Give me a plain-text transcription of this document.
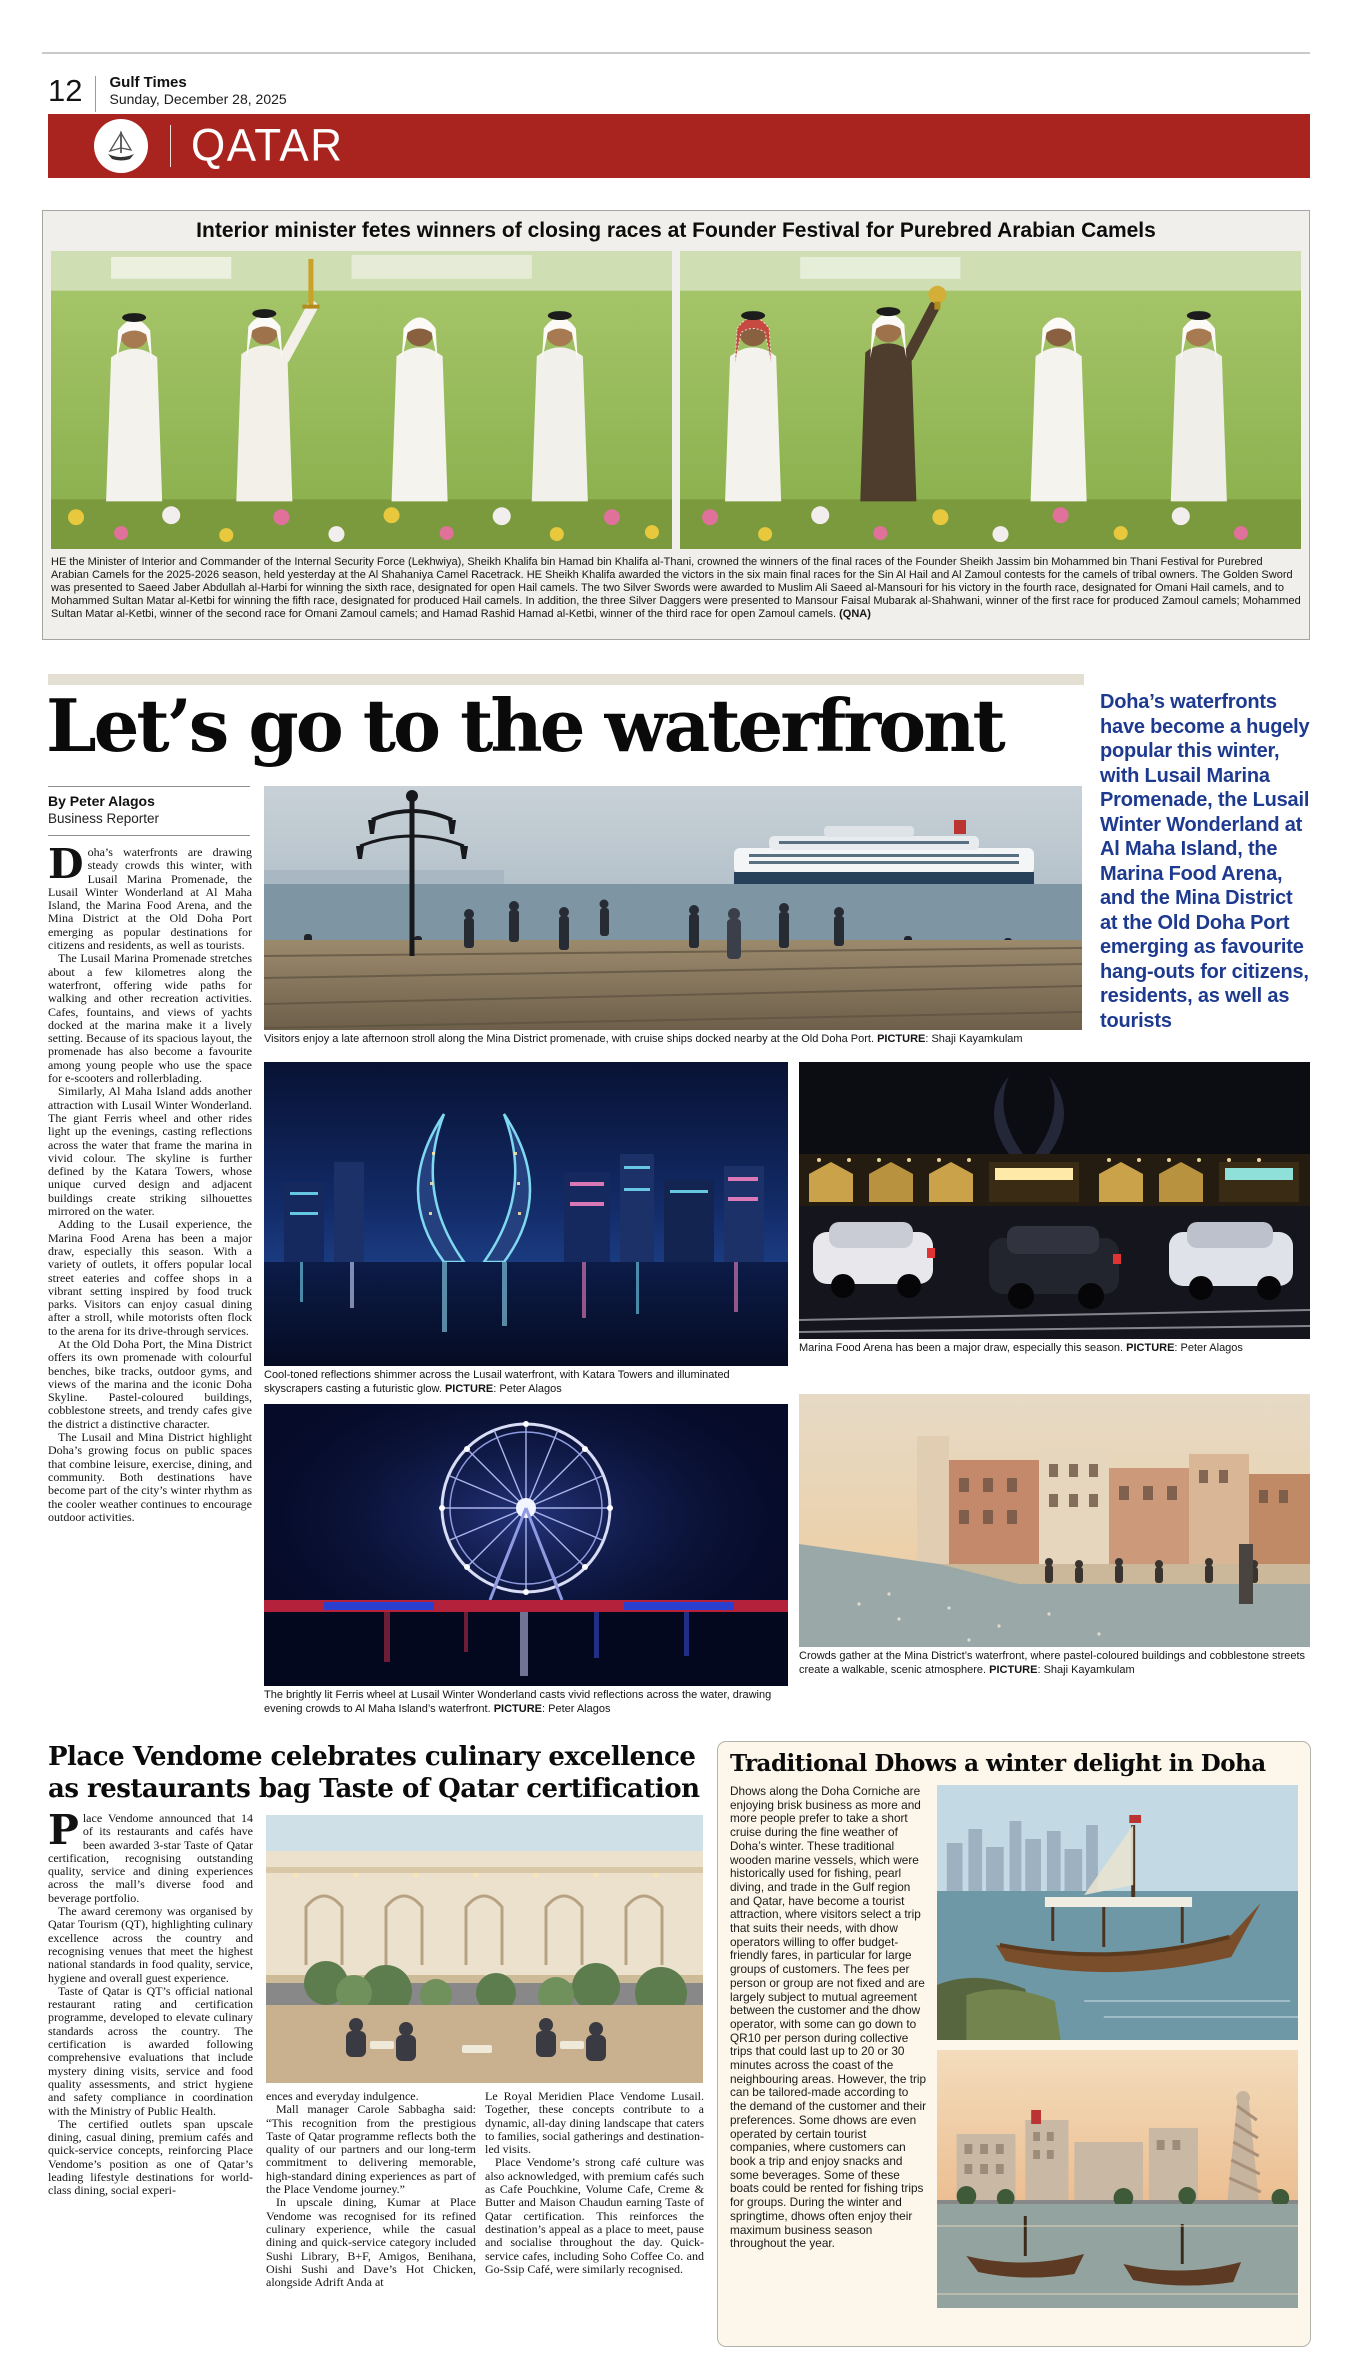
12 Gulf Times
Sunday, December 28, 2025
QATAR
Interior minister fetes winners of closing races at Founder Festival for Purebred Arabian Camels

HE the Minister of Interior and Commander of the Internal Security Force (Lekhwiya), Sheikh Khalifa bin Hamad bin Khalifa al-Thani, crowned the winners of the final races of the Founder Sheikh Jassim bin Mohammed bin Thani Festival for Purebred Arabian Camels for the 2025-2026 season, held yesterday at the Al Shahaniya Camel Racetrack. HE Sheikh Khalifa awarded the victors in the six main final races for the Sin Al Hail and Al Zamoul contests for the camels of tribal owners. The Golden Sword was presented to Saeed Jaber Abdullah al-Harbi for winning the sixth race, designated for open Hail camels. The two Silver Swords were awarded to Muslim Ali Saeed al-Mansouri for his victory in the fourth race, designated for Omani Hail camels, and to Mohammed Sultan Matar al-Ketbi for winning the fifth race, designated for produced Hail camels. In addition, the three Silver Daggers were presented to Mansour Faisal Mubarak al-Shahwani, winner of the first race for produced Zamoul camels; Mohammed Sultan Matar al-Ketbi, winner of the second race for Omani Zamoul camels; and Hamad Rashid Hamad al-Ketbi, winner of the third race for open Zamoul camels. (QNA)

Let’s go to the waterfront	Doha’s waterfronts have become a hugely popular this winter, with Lusail Marina Promenade, the Lusail Winter Wonderland at Al Maha Island, the Marina Food Arena, and the Mina District at the Old Doha Port emerging as favourite hang-outs for citizens, residents, as well as tourists
By Peter Alagos
Business Reporter

Doha’s waterfronts are drawing steady crowds this winter, with Lusail Marina Promenade, the Lusail Winter Wonderland at Al Maha Island, the Marina Food Arena, and the Mina District at the Old Doha Port emerging as popular destinations for citizens and residents, as well as tourists.

The Lusail Marina Promenade stretches about a few kilometres along the waterfront, offering wide paths for walking and other recreation activities. Cafes, fountains, and views of yachts docked at the marina make it a lively setting. Because of its spacious layout, the promenade has also become a favourite among young people who use the space for e-scooters and rollerblading.

Similarly, Al Maha Island adds another attraction with Lusail Winter Wonderland. The giant Ferris wheel and other rides light up the evenings, casting reflections across the water that frame the marina in vivid colour. The skyline is further defined by the Katara Towers, whose unique curved design and adjacent buildings create striking silhouettes mirrored on the water.

Adding to the Lusail experience, the Marina Food Arena has been a major draw, especially this season. With a variety of outlets, it offers popular local street eateries and coffee shops in a vibrant setting inspired by food truck parks. Visitors can enjoy casual dining after a stroll, while motorists often flock to the arena for its drive-through services.

At the Old Doha Port, the Mina District offers its own promenade with colourful benches, bike tracks, outdoor gyms, and views of the marina and the iconic Doha Skyline. Pastel-coloured buildings, cobblestone streets, and trendy cafes give the district a distinctive character.

The Lusail and Mina District highlight Doha’s growing focus on public spaces that combine leisure, exercise, dining, and community. Both destinations have become part of the city’s winter rhythm as the cooler weather continues to encourage outdoor activities.

Visitors enjoy a late afternoon stroll along the Mina District promenade, with cruise ships docked nearby at the Old Doha Port. PICTURE: Shaji Kayamkulam
Cool-toned reflections shimmer across the Lusail waterfront, with Katara Towers and illuminated skyscrapers casting a futuristic glow. PICTURE: Peter Alagos
Marina Food Arena has been a major draw, especially this season. PICTURE: Peter Alagos
The brightly lit Ferris wheel at Lusail Winter Wonderland casts vivid reflections across the water, drawing evening crowds to Al Maha Island’s waterfront. PICTURE: Peter Alagos
Crowds gather at the Mina District’s waterfront, where pastel-coloured buildings and cobblestone streets create a walkable, scenic atmosphere. PICTURE: Shaji Kayamkulam
Place Vendome celebrates culinary excellence
as restaurants bag Taste of Qatar certification

Place Vendome announced that 14 of its restaurants and cafés have been awarded 3-star Taste of Qatar certification, recognising outstanding quality, service and dining experiences across the mall’s diverse food and beverage portfolio.

The award ceremony was organised by Qatar Tourism (QT), highlighting culinary excellence across the country and recognising venues that meet the highest national standards in food quality, service, hygiene and overall guest experience.

Taste of Qatar is QT’s official national restaurant rating and certification programme, developed to elevate culinary standards across the country. The certification is awarded following comprehensive evaluations that include mystery dining visits, service and food quality assessments, and strict hygiene and safety compliance in coordination with the Ministry of Public Health.

The certified outlets span upscale dining, casual dining, premium cafés and quick-service concepts, reinforcing Place Vendome’s position as one of Qatar’s leading lifestyle destinations for world-class dining, social experi-

ences and everyday indulgence.

Mall manager Carole Sabbagha said: “This recognition from the prestigious Taste of Qatar programme reflects both the quality of our partners and our long-term commitment to delivering memorable, high-standard dining experiences as part of the Place Vendome journey.”

In upscale dining, Kumar at Place Vendome was recognised for its refined culinary experience, while the casual dining and quick-service category included Sushi Library, B+F, Amigos, Benihana, Oishi Sushi and Dave’s Hot Chicken, alongside Adrift Anda at

Le Royal Meridien Place Vendome Lusail. Together, these concepts contribute to a dynamic, all-day dining landscape that caters to families, social gatherings and destination-led visits.

Place Vendome’s strong café culture was also acknowledged, with premium cafés such as Cafe Pouchkine, Volume Cafe, Creme & Butter and Maison Chaudun earning Taste of Qatar certification. This reinforces the destination’s appeal as a place to meet, pause and socialise throughout the day. Quick-service cafes, including Soho Coffee Co. and Go-Ssip Café, were similarly recognised.

Traditional Dhows a winter delight in Doha
Dhows along the Doha Corniche are enjoying brisk business as more and more people prefer to take a short cruise during the fine weather of Doha’s winter. These traditional wooden marine vessels, which were historically used for fishing, pearl diving, and trade in the Gulf region and Qatar, have become a tourist attraction, where visitors select a trip that suits their needs, with dhow operators willing to offer budget-friendly fares, in particular for large groups of customers. The fees per person or group are not fixed and are largely subject to mutual agreement between the customer and the dhow operator, with some can go down to QR10 per person during collective trips that could last up to 20 or 30 minutes across the coast of the neighbouring areas. However, the trip can be tailored-made according to the demand of the customer and their preferences. Some dhows are even operated by certain tourist companies, where customers can book a trip and enjoy snacks and some beverages. Some of these boats could be rented for fishing trips for groups. During the winter and springtime, dhows often enjoy their maximum business season throughout the year.
